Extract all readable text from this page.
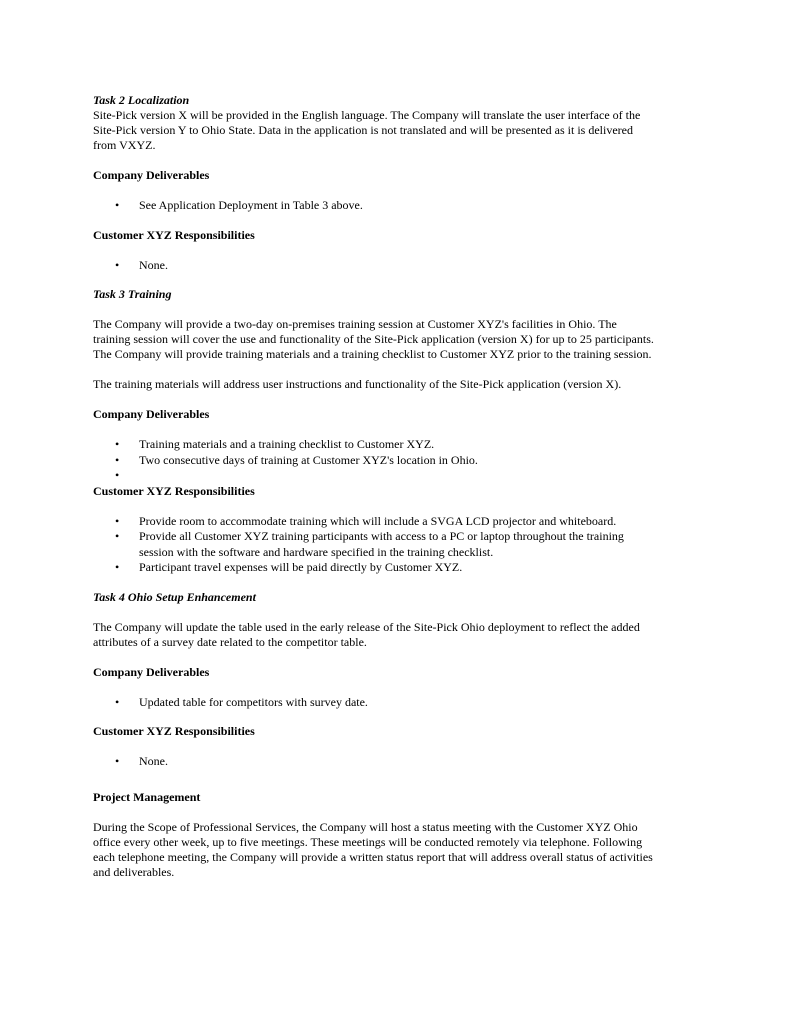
Task 2 Localization

Site-Pick version X will be provided in the English language. The Company will translate the user interface of the

Site-Pick version Y to Ohio State. Data in the application is not translated and will be presented as it is delivered

from VXYZ.

Company Deliverables

• See Application Deployment in Table 3 above.

Customer XYZ Responsibilities

• None.

Task 3 Training

The Company will provide a two-day on-premises training session at Customer XYZ's facilities in Ohio. The

training session will cover the use and functionality of the Site-Pick application (version X) for up to 25 participants.

The Company will provide training materials and a training checklist to Customer XYZ prior to the training session.

The training materials will address user instructions and functionality of the Site-Pick application (version X).

Company Deliverables

• Training materials and a training checklist to Customer XYZ.
• Two consecutive days of training at Customer XYZ's location in Ohio.
•

Customer XYZ Responsibilities

• Provide room to accommodate training which will include a SVGA LCD projector and whiteboard.
• Provide all Customer XYZ training participants with access to a PC or laptop throughout the training
session with the software and hardware specified in the training checklist.
• Participant travel expenses will be paid directly by Customer XYZ.

Task 4 Ohio Setup Enhancement

The Company will update the table used in the early release of the Site-Pick Ohio deployment to reflect the added

attributes of a survey date related to the competitor table.

Company Deliverables

• Updated table for competitors with survey date.

Customer XYZ Responsibilities

• None.

Project Management

During the Scope of Professional Services, the Company will host a status meeting with the Customer XYZ Ohio

office every other week, up to five meetings. These meetings will be conducted remotely via telephone. Following

each telephone meeting, the Company will provide a written status report that will address overall status of activities

and deliverables.
